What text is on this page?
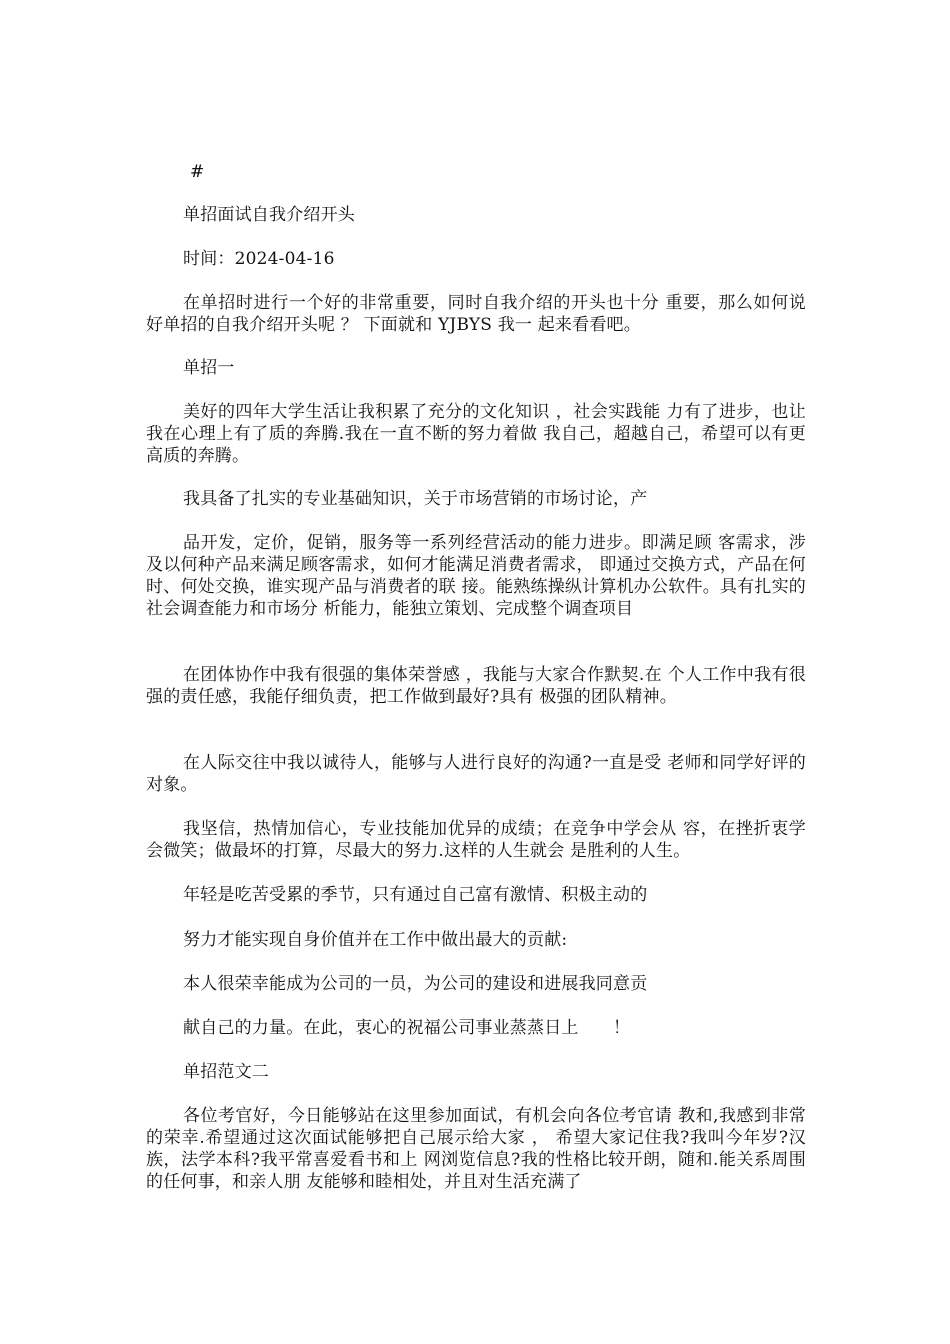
#
单招面试自我介绍开头
时间：2024-04-16
在单招时进行一个好的非常重要，同时自我介绍的开头也十分 重要，那么如何说好单招的自我介绍开头呢 ？ 下面就和 YJBYS 我一 起来看看吧。
单招一
美好的四年大学生活让我积累了充分的文化知识 ，社会实践能 力有了进步，也让我在心理上有了质的奔腾.我在一直不断的努力着做 我自己，超越自己，希望可以有更高质的奔腾。
我具备了扎实的专业基础知识，关于市场营销的市场讨论，产
品开发，定价，促销，服务等一系列经营活动的能力进步。即满足顾 客需求，涉及以何种产品来满足顾客需求，如何才能满足消费者需求， 即通过交换方式，产品在何时、何处交换，谁实现产品与消费者的联 接。能熟练操纵计算机办公软件。具有扎实的社会调查能力和市场分 析能力，能独立策划、完成整个调查项目
在团体协作中我有很强的集体荣誉感 ，我能与大家合作默契.在 个人工作中我有很强的责任感，我能仔细负责，把工作做到最好?具有 极强的团队精神。
在人际交往中我以诚待人，能够与人进行良好的沟通?一直是受 老师和同学好评的对象。
我坚信，热情加信心，专业技能加优异的成绩；在竞争中学会从 容，在挫折衷学会微笑；做最坏的打算，尽最大的努力.这样的人生就会 是胜利的人生。
年轻是吃苦受累的季节，只有通过自己富有激情、积极主动的
努力才能实现自身价值并在工作中做出最大的贡献:
本人很荣幸能成为公司的一员，为公司的建设和进展我同意贡
献自己的力量。在此，衷心的祝福公司事业蒸蒸日上　　！
单招范文二
各位考官好，今日能够站在这里参加面试，有机会向各位考官请 教和,我感到非常的荣幸.希望通过这次面试能够把自己展示给大家 ， 希望大家记住我?我叫今年岁?汉族，法学本科?我平常喜爱看书和上 网浏览信息?我的性格比较开朗，随和.能关系周围的任何事，和亲人朋 友能够和睦相处，并且对生活充满了
